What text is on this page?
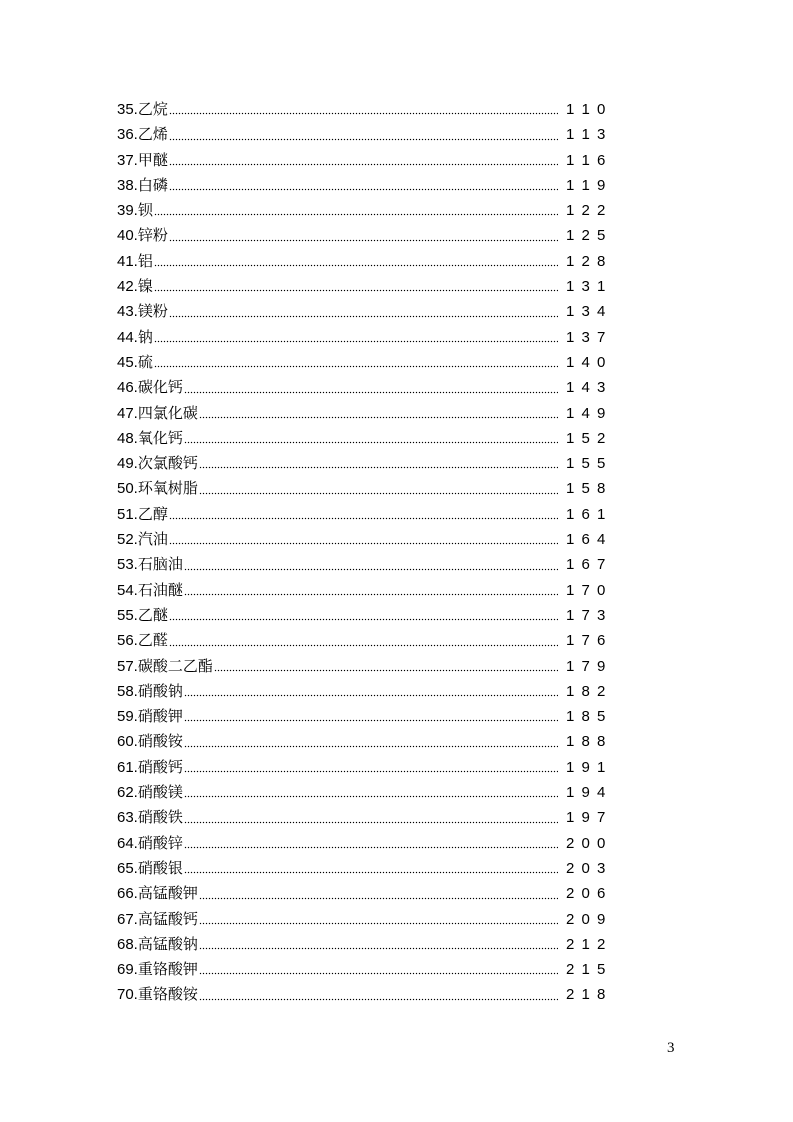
35.乙烷	1 1 0
36.乙烯	1 1 3
37.甲醚	1 1 6
38.白磷	1 1 9
39.钡	1 2 2
40.锌粉	1 2 5
41.铝	1 2 8
42.镍	1 3 1
43.镁粉	1 3 4
44.钠	1 3 7
45.硫	1 4 0
46.碳化钙	1 4 3
47.四氯化碳	1 4 9
48.氧化钙	1 5 2
49.次氯酸钙	1 5 5
50.环氧树脂	1 5 8
51.乙醇	1 6 1
52.汽油	1 6 4
53.石脑油	1 6 7
54.石油醚	1 7 0
55.乙醚	1 7 3
56.乙醛	1 7 6
57.碳酸二乙酯	1 7 9
58.硝酸钠	1 8 2
59.硝酸钾	1 8 5
60.硝酸铵	1 8 8
61.硝酸钙	1 9 1
62.硝酸镁	1 9 4
63.硝酸铁	1 9 7
64.硝酸锌	2 0 0
65.硝酸银	2 0 3
66.高锰酸钾	2 0 6
67.高锰酸钙	2 0 9
68.高锰酸钠	2 1 2
69.重铬酸钾	2 1 5
70.重铬酸铵	2 1 8
3
